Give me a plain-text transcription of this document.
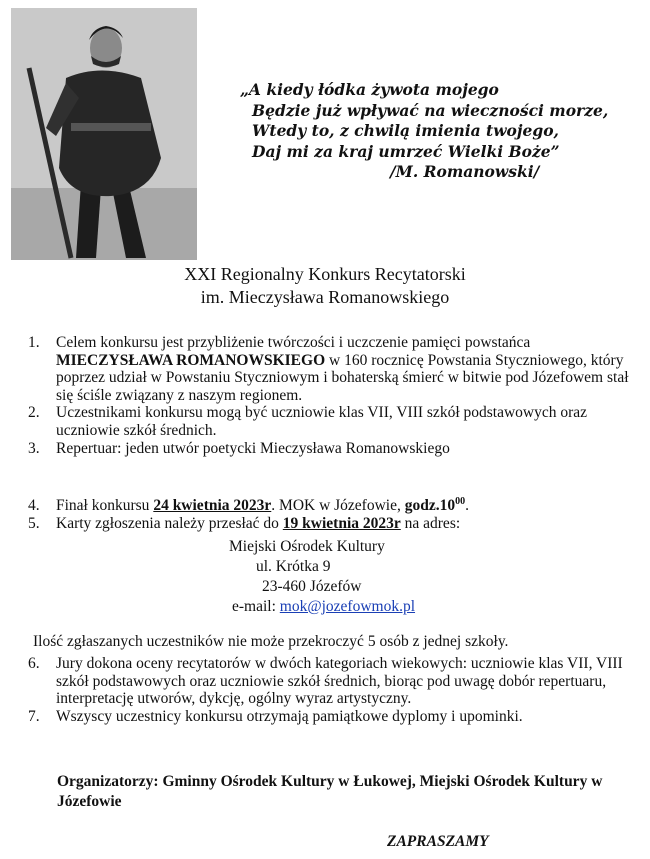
„A kiedy łódka żywota mojego
Będzie już wpływać na wieczności morze,
Wtedy to, z chwilą imienia twojego,
Daj mi za kraj umrzeć Wielki Boże”
/M. Romanowski/
XXI Regionalny Konkurs Recytatorski
im. Mieczysława Romanowskiego
1. Celem konkursu jest przybliżenie twórczości i uczczenie pamięci powstańca MIECZYSŁAWA ROMANOWSKIEGO w 160 rocznicę Powstania Styczniowego, który poprzez udział w Powstaniu Styczniowym i bohaterską śmierć w bitwie pod Józefowem stał się ściśle związany z naszym regionem.
2. Uczestnikami konkursu mogą być uczniowie klas VII, VIII szkół podstawowych oraz uczniowie szkół średnich.
3. Repertuar: jeden utwór poetycki Mieczysława Romanowskiego
4. Finał konkursu 24 kwietnia 2023r. MOK w Józefowie, $godz.10^{00}$.
5. Karty zgłoszenia należy przesłać do 19 kwietnia 2023r na adres:
Miejski Ośrodek Kultury
ul. Krótka 9
23-460 Józefów
e-mail: mok@jozefowmok.pl
Ilość zgłaszanych uczestników nie może przekroczyć 5 osób z jednej szkoły.
6. Jury dokona oceny recytatorów w dwóch kategoriach wiekowych: uczniowie klas VII, VIII szkół podstawowych oraz uczniowie szkół średnich, biorąc pod uwagę dobór repertuaru, interpretację utworów, dykcję, ogólny wyraz artystyczny.
7. Wszyscy uczestnicy konkursu otrzymają pamiątkowe dyplomy i upominki.
Organizatorzy: Gminny Ośrodek Kultury w Łukowej, Miejski Ośrodek Kultury w Józefowie
ZAPRASZAMY
